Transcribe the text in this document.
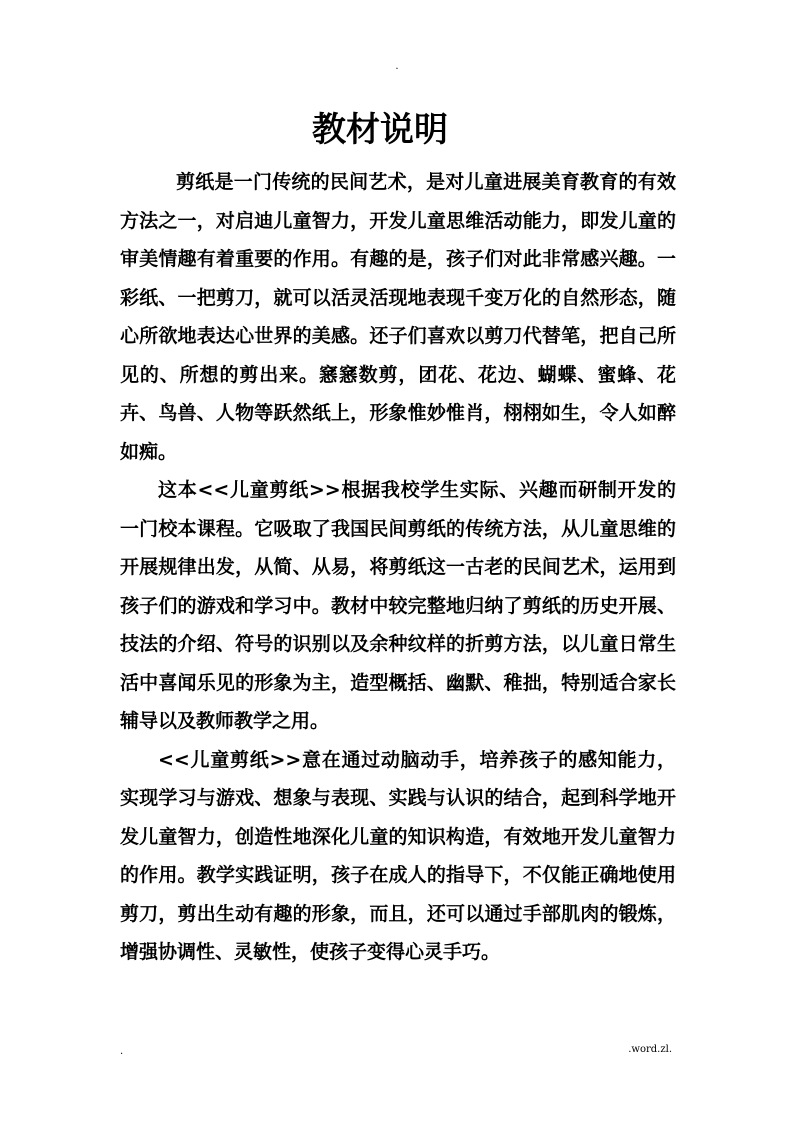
.
教材说明

剪纸是一门传统的民间艺术，是对儿童进展美育教育的有效方法之一，对启迪儿童智力，开发儿童思维活动能力，即发儿童的审美情趣有着重要的作用。有趣的是，孩子们对此非常感兴趣。一彩纸、一把剪刀，就可以活灵活现地表现千变万化的自然形态，随心所欲地表达心世界的美感。还子们喜欢以剪刀代替笔，把自己所见的、所想的剪出来。窸窸数剪，团花、花边、蝴蝶、蜜蜂、花卉、鸟兽、人物等跃然纸上，形象惟妙惟肖，栩栩如生，令人如醉如痴。

这本<<儿童剪纸>>根据我校学生实际、兴趣而研制开发的一门校本课程。它吸取了我国民间剪纸的传统方法，从儿童思维的开展规律出发，从简、从易，将剪纸这一古老的民间艺术，运用到孩子们的游戏和学习中。教材中较完整地归纳了剪纸的历史开展、技法的介绍、符号的识别以及余种纹样的折剪方法，以儿童日常生活中喜闻乐见的形象为主，造型概括、幽默、稚拙，特别适合家长辅导以及教师教学之用。

<<儿童剪纸>>意在通过动脑动手，培养孩子的感知能力，实现学习与游戏、想象与表现、实践与认识的结合，起到科学地开发儿童智力，创造性地深化儿童的知识构造，有效地开发儿童智力的作用。教学实践证明，孩子在成人的指导下，不仅能正确地使用剪刀，剪出生动有趣的形象，而且，还可以通过手部肌肉的锻炼，增强协调性、灵敏性，使孩子变得心灵手巧。

.	.word.zl.
